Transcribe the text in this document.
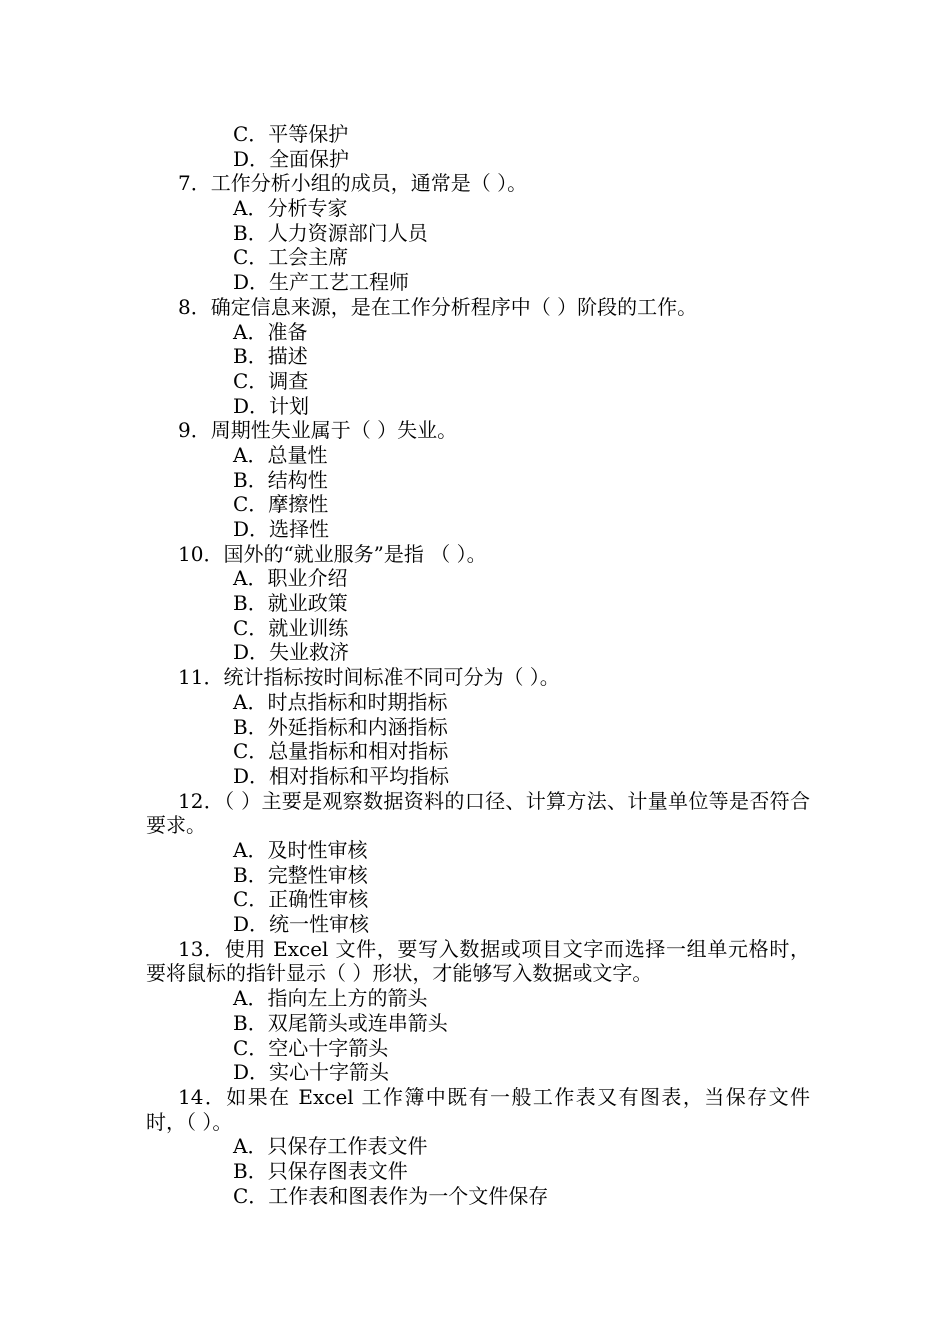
C．平等保护
D．全面保护
7．工作分析小组的成员，通常是（ ）。
A．分析专家
B．人力资源部门人员
C．工会主席
D．生产工艺工程师
8．确定信息来源，是在工作分析程序中（ ）阶段的工作。
A．准备
B．描述
C．调查
D．计划
9．周期性失业属于（ ）失业。
A．总量性
B．结构性
C．摩擦性
D．选择性
10．国外的“就业服务”是指 （ ）。
A．职业介绍
B．就业政策
C．就业训练
D．失业救济
11．统计指标按时间标准不同可分为（ ）。
A．时点指标和时期指标
B．外延指标和内涵指标
C．总量指标和相对指标
D．相对指标和平均指标
12．（ ）主要是观察数据资料的口径、计算方法、计量单位等是否符合要求。
A．及时性审核
B．完整性审核
C．正确性审核
D．统一性审核
13．使用 Excel 文件，要写入数据或项目文字而选择一组单元格时，要将鼠标的指针显示（ ）形状，才能够写入数据或文字。
A．指向左上方的箭头
B．双尾箭头或连串箭头
C．空心十字箭头
D．实心十字箭头
14．如果在 Excel 工作簿中既有一般工作表又有图表，当保存文件时，（ ）。
A．只保存工作表文件
B．只保存图表文件
C．工作表和图表作为一个文件保存
